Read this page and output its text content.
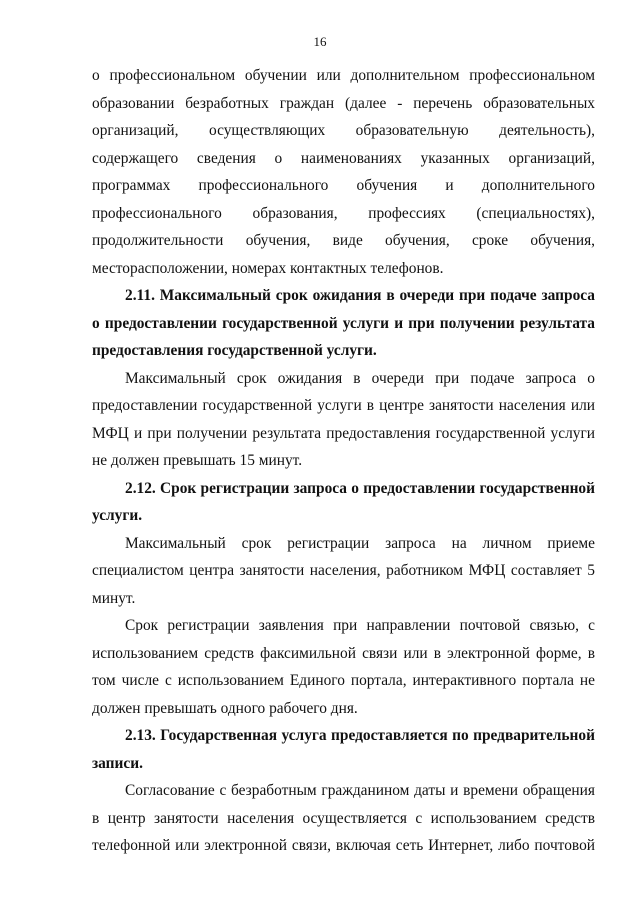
16

о профессиональном обучении или дополнительном профессиональном образовании безработных граждан (далее - перечень образовательных организаций, осуществляющих образовательную деятельность), содержащего сведения о наименованиях указанных организаций, программах профессионального обучения и дополнительного профессионального образования, профессиях (специальностях), продолжительности обучения, виде обучения, сроке обучения, месторасположении, номерах контактных телефонов.

2.11. Максимальный срок ожидания в очереди при подаче запроса о предоставлении государственной услуги и при получении результата предоставления государственной услуги.

Максимальный срок ожидания в очереди при подаче запроса о предоставлении государственной услуги в центре занятости населения или МФЦ и при получении результата предоставления государственной услуги не должен превышать 15 минут.

2.12. Срок регистрации запроса о предоставлении государственной услуги.

Максимальный срок регистрации запроса на личном приеме специалистом центра занятости населения, работником МФЦ составляет 5 минут.

Срок регистрации заявления при направлении почтовой связью, с использованием средств факсимильной связи или в электронной форме, в том числе с использованием Единого портала, интерактивного портала не должен превышать одного рабочего дня.

2.13. Государственная услуга предоставляется по предварительной записи.

Согласование с безработным гражданином даты и времени обращения в центр занятости населения осуществляется с использованием средств телефонной или электронной связи, включая сеть Интернет, либо почтовой
